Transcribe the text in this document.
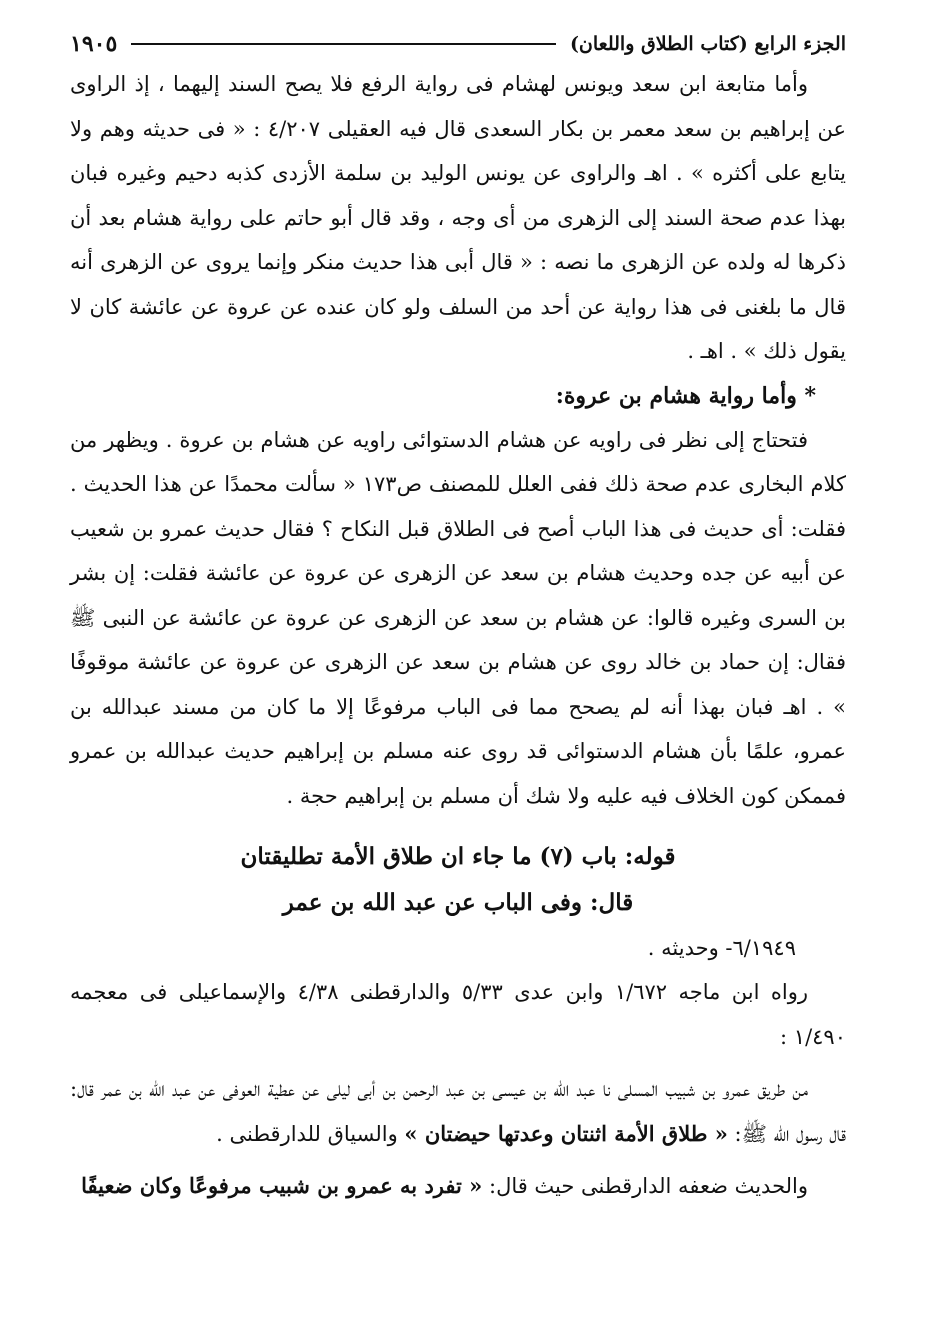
الجزء الرابع (كتاب الطلاق واللعان)
١٩٠٥

وأما متابعة ابن سعد ويونس لهشام فى رواية الرفع فلا يصح السند إليهما ، إذ الراوى عن إبراهيم بن سعد معمر بن بكار السعدى قال فيه العقيلى ٤/٢٠٧ : « فى حديثه وهم ولا يتابع على أكثره » . اهـ والراوى عن يونس الوليد بن سلمة الأزدى كذبه دحيم وغيره فبان بهذا عدم صحة السند إلى الزهرى من أى وجه ، وقد قال أبو حاتم على رواية هشام بعد أن ذكرها له ولده عن الزهرى ما نصه : « قال أبى هذا حديث منكر وإنما يروى عن الزهرى أنه قال ما بلغنى فى هذا رواية عن أحد من السلف ولو كان عنده عن عروة عن عائشة كان لا يقول ذلك » . اهـ .

* وأما رواية هشام بن عروة:

فتحتاج إلى نظر فى راويه عن هشام الدستوائى راويه عن هشام بن عروة . ويظهر من كلام البخارى عدم صحة ذلك ففى العلل للمصنف ص١٧٣ « سألت محمدًا عن هذا الحديث . فقلت: أى حديث فى هذا الباب أصح فى الطلاق قبل النكاح ؟ فقال حديث عمرو بن شعيب عن أبيه عن جده وحديث هشام بن سعد عن الزهرى عن عروة عن عائشة فقلت: إن بشر بن السرى وغيره قالوا: عن هشام بن سعد عن الزهرى عن عروة عن عائشة عن النبى ﷺ فقال: إن حماد بن خالد روى عن هشام بن سعد عن الزهرى عن عروة عن عائشة موقوفًا » . اهـ فبان بهذا أنه لم يصحح مما فى الباب مرفوعًا إلا ما كان من مسند عبدالله بن عمرو، علمًا بأن هشام الدستوائى قد روى عنه مسلم بن إبراهيم حديث عبدالله بن عمرو فممكن كون الخلاف فيه عليه ولا شك أن مسلم بن إبراهيم حجة .

قوله: باب (٧) ما جاء ان طلاق الأمة تطليقتان

قال: وفى الباب عن عبد الله بن عمر

٦/١٩٤٩- وحديثه .

رواه ابن ماجه ١/٦٧٢ وابن عدى ٥/٣٣ والدارقطنى ٤/٣٨ والإسماعيلى فى معجمه ١/٤٩٠ :

من طريق عمرو بن شبيب المسلى نا عبد الله بن عيسى بن عبد الرحمن بن أبى ليلى عن عطية العوفى عن عبد الله بن عمر قال: قال رسول الله ﷺ: « طلاق الأمة اثنتان وعدتها حيضتان » والسياق للدارقطنى .

والحديث ضعفه الدارقطنى حيث قال: « تفرد به عمرو بن شبيب مرفوعًا وكان ضعيفًا
